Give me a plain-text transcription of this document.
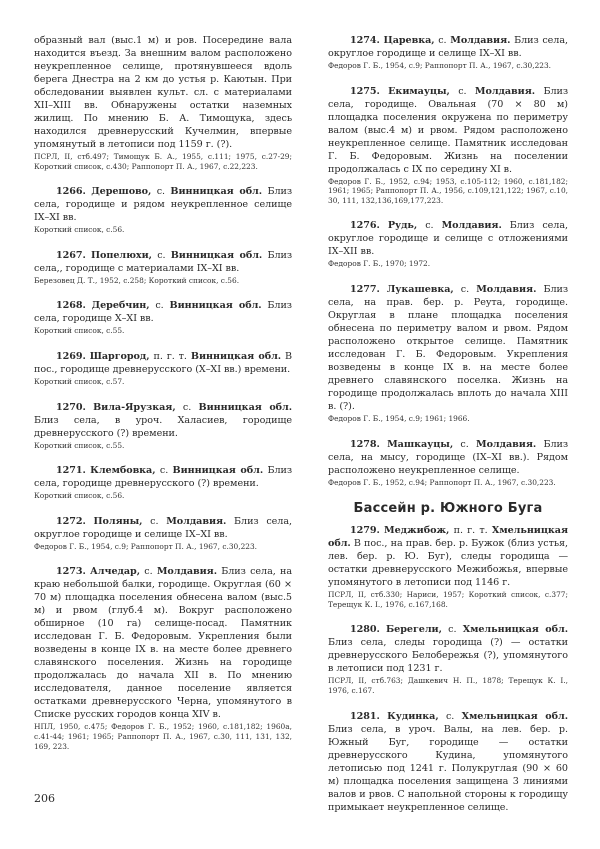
образный вал (выс.1 м) и ров. Посередине вала находится въезд. За внешним валом расположено неукрепленное селище, протянувшееся вдоль берега Днестра на 2 км до устья р. Каютын. При обследовании выявлен культ. сл. с материалами XII–XIII вв. Обнаружены остатки наземных жилищ. По мнению Б. А. Тимощука, здесь находился древнерусский Кучелмин, впервые упомянутый в летописи под 1159 г. (?).

ПСРЛ, II, стб.497; Тимощук Б. А., 1955, с.111; 1975, с.27-29; Короткий список, с.430; Раппопорт П. А., 1967, с.22,223.

1266. Дерешово, с. Винницкая обл. Близ села, городище и рядом неукрепленное селище IX–XI вв.

Короткий список, с.56.

1267. Попелюхи, с. Винницкая обл. Близ села,, городище с материалами IX–XI вв.

Березовец Д. Т., 1952, с.258; Короткий список, с.56.

1268. Деребчин, с. Винницкая обл. Близ села, городище X–XI вв.

Короткий список, с.55.

1269. Шаргород, п. г. т. Винницкая обл. В пос., городище древнерусского (X–XI вв.) времени.

Короткий список, с.57.

1270. Вила-Ярузкая, с. Винницкая обл. Близ села, в уроч. Халасиев, городище древнерусского (?) времени.

Короткий список, с.55.

1271. Клембовка, с. Винницкая обл. Близ села, городище древнерусского (?) времени.

Короткий список, с.56.

1272. Поляны, с. Молдавия. Близ села, округлое городище и селище IX–XI вв.

Федоров Г. Б., 1954, с.9; Раппопорт П. А., 1967, с.30,223.

1273. Алчедар, с. Молдавия. Близ села, на краю небольшой балки, городище. Округлая (60 × 70 м) площадка поселения обнесена валом (выс.5 м) и рвом (глуб.4 м). Вокруг расположено обширное (10 га) селище-посад. Памятник исследован Г. Б. Федоровым. Укрепления были возведены в конце IX в. на месте более древнего славянского поселения. Жизнь на городище продолжалась до начала XII в. По мнению исследователя, данное поселение является остатками древнерусского Черна, упомянутого в Списке русских городов конца XIV в.

НПЛ, 1950, с.475; Федоров Г. Б., 1952; 1960, с.181,182; 1960а, с.41-44; 1961; 1965; Раппопорт П. А., 1967, с.30, 111, 131, 132, 169, 223.

1274. Царевка, с. Молдавия. Близ села, округлое городище и селище IX–XI вв.

Федоров Г. Б., 1954, с.9; Раппопорт П. А., 1967, с.30,223.

1275. Екимауцы, с. Молдавия. Близ села, городище. Овальная (70 × 80 м) площадка поселения окружена по периметру валом (выс.4 м) и рвом. Рядом расположено неукрепленное селище. Памятник исследован Г. Б. Федоровым. Жизнь на поселении продолжалась с IX по середину XI в.

Федоров Г. Б., 1952, с.94; 1953, с.105-112; 1960, с.181,182; 1961; 1965; Раппопорт П. А., 1956, с.109,121,122; 1967, с.10, 30, 111, 132,136,169,177,223.

1276. Рудь, с. Молдавия. Близ села, округлое городище и селище с отложениями IX–XII вв.

Федоров Г. Б., 1970; 1972.

1277. Лукашевка, с. Молдавия. Близ села, на прав. бер. р. Реута, городище. Округлая в плане площадка поселения обнесена по периметру валом и рвом. Рядом расположено открытое селище. Памятник исследован Г. Б. Федоровым. Укрепления возведены в конце IX в. на месте более древнего славянского поселка. Жизнь на городище продолжалась вплоть до начала XIII в. (?).

Федоров Г. Б., 1954, с.9; 1961; 1966.

1278. Машкауцы, с. Молдавия. Близ села, на мысу, городище (IX–XI вв.). Рядом расположено неукрепленное селище.

Федоров Г. Б., 1952, с.94; Раппопорт П. А., 1967, с.30,223.

Бассейн р. Южного Буга

1279. Меджибож, п. г. т. Хмельницкая обл. В пос., на прав. бер. р. Бужок (близ устья, лев. бер. р. Ю. Буг), следы городища — остатки древнерусского Межибожья, впервые упомянутого в летописи под 1146 г.

ПСРЛ, II, стб.330; Нариси, 1957; Короткий список, с.377; Терещук К. І., 1976, с.167,168.

1280. Берегели, с. Хмельницкая обл. Близ села, следы городища (?) — остатки древнерусского Белобережья (?), упомянутого в летописи под 1231 г.

ПСРЛ, II, стб.763; Дашкевич Н. П., 1878; Терещук К. І., 1976, с.167.

1281. Кудинка, с. Хмельницкая обл. Близ села, в уроч. Валы, на лев. бер. р. Южный Буг, городище — остатки древнерусского Кудина, упомянутого летописью под 1241 г. Полукруглая (90 × 60 м) площадка поселения защищена 3 линиями валов и рвов. С напольной стороны к городищу примыкает неукрепленное селище.

206
